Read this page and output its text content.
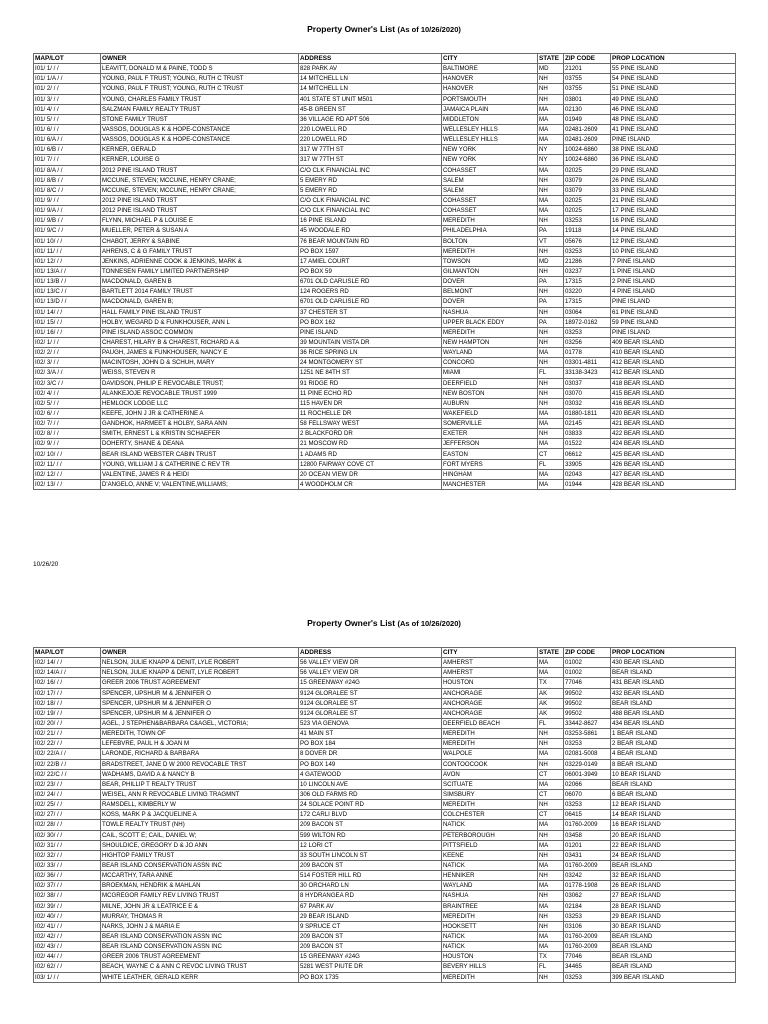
Property Owner's List (As of 10/26/2020)
MAP/LOT	OWNER	ADDRESS	CITY	STATE	ZIP CODE	PROP LOCATION
I01/ 1/ / /	LEAVITT, DONALD M & PAINE, TODD S	828 PARK AV	BALTIMORE	MD	21201	55 PINE ISLAND
I01/ 1/A / /	YOUNG, PAUL F TRUST; YOUNG, RUTH C TRUST	14 MITCHELL LN	HANOVER	NH	03755	54 PINE ISLAND
I01/ 2/ / /	YOUNG, PAUL F TRUST; YOUNG, RUTH C TRUST	14 MITCHELL LN	HANOVER	NH	03755	51 PINE ISLAND
I01/ 3/ / /	YOUNG, CHARLES FAMILY TRUST	401 STATE ST UNIT M501	PORTSMOUTH	NH	03801	49 PINE ISLAND
I01/ 4/ / /	SALZMAN FAMILY REALTY TRUST	45-B GREEN ST	JAMAICA PLAIN	MA	02130	46 PINE ISLAND
I01/ 5/ / /	STONE FAMILY TRUST	36 VILLAGE RD APT 506	MIDDLETON	MA	01949	48 PINE ISLAND
I01/ 6/ / /	VASSOS, DOUGLAS K & HOPE-CONSTANCE	220 LOWELL RD	WELLESLEY HILLS	MA	02481-2609	41 PINE ISLAND
I01/ 6/A / /	VASSOS, DOUGLAS K & HOPE-CONSTANCE	220 LOWELL RD	WELLESLEY HILLS	MA	02481-2609	PINE ISLAND
I01/ 6/B / /	KERNER, GERALD	317 W 77TH ST	NEW YORK	NY	10024-6860	38 PINE ISLAND
I01/ 7/ / /	KERNER, LOUISE G	317 W 77TH ST	NEW YORK	NY	10024-6860	36 PINE ISLAND
I01/ 8/A / /	2012 PINE ISLAND TRUST	C/O CLK FINANCIAL INC	COHASSET	MA	02025	29 PINE ISLAND
I01/ 8/B / /	MCCUNE, STEVEN; MCCUNE, HENRY CRANE;	5 EMERY RD	SALEM	NH	03079	26 PINE ISLAND
I01/ 8/C / /	MCCUNE, STEVEN; MCCUNE, HENRY CRANE;	5 EMERY RD	SALEM	NH	03079	33 PINE ISLAND
I01/ 9/ / /	2012 PINE ISLAND TRUST	C/O CLK FINANCIAL INC	COHASSET	MA	02025	21 PINE ISLAND
I01/ 9/A / /	2012 PINE ISLAND TRUST	C/O CLK FINANCIAL INC	COHASSET	MA	02025	17 PINE ISLAND
I01/ 9/B / /	FLYNN, MICHAEL P & LOUISE E	16 PINE ISLAND	MEREDITH	NH	03253	16 PINE ISLAND
I01/ 9/C / /	MUELLER, PETER & SUSAN A	45 WOODALE RD	PHILADELPHIA	PA	19118	14 PINE ISLAND
I01/ 10/ / /	CHABOT, JERRY & SABINE	76 BEAR MOUNTAIN RD	BOLTON	VT	05676	12 PINE ISLAND
I01/ 11/ / /	AHRENS, C & G FAMILY TRUST	PO BOX 1597	MEREDITH	NH	03253	10 PINE ISLAND
I01/ 12/ / /	JENKINS, ADRIENNE COOK & JENKINS, MARK &	17 AMIEL COURT	TOWSON	MD	21286	7 PINE ISLAND
I01/ 13/A / /	TONNESEN FAMILY LIMITED PARTNERSHIP	PO BOX 59	GILMANTON	NH	03237	1 PINE ISLAND
I01/ 13/B / /	MACDONALD, GAREN B	6701 OLD CARLISLE RD	DOVER	PA	17315	2 PINE ISLAND
I01/ 13/C / /	BARTLETT 2014 FAMILY TRUST	124 ROGERS RD	BELMONT	NH	03220	4 PINE ISLAND
I01/ 13/D / /	MACDONALD, GAREN B;	6701 OLD CARLISLE RD	DOVER	PA	17315	PINE ISLAND
I01/ 14/ / /	HALL FAMILY PINE ISLAND TRUST	37 CHESTER ST	NASHUA	NH	03064	61 PINE ISLAND
I01/ 15/ / /	HOLBY, WEGARD D & FUNKHOUSER, ANN L	PO BOX 162	UPPER BLACK EDDY	PA	18972-0162	59 PINE ISLAND
I01/ 16/ / /	PINE ISLAND ASSOC COMMON	PINE ISLAND	MEREDITH	NH	03253	PINE ISLAND
I02/ 1/ / /	CHAREST, HILARY B & CHAREST, RICHARD A &	39 MOUNTAIN VISTA DR	NEW HAMPTON	NH	03256	409 BEAR ISLAND
I02/ 2/ / /	PAUGH, JAMES & FUNKHOUSER, NANCY E	36 RICE SPRING LN	WAYLAND	MA	01778	410 BEAR ISLAND
I02/ 3/ / /	MACINTOSH, JOHN D & SCHUH, MARY	24 MONTGOMERY ST	CONCORD	NH	03301-4811	412 BEAR ISLAND
I02/ 3/A / /	WEISS, STEVEN R	1251 NE 84TH ST	MIAMI	FL	33138-3423	412 BEAR ISLAND
I02/ 3/C / /	DAVIDSON, PHILIP E REVOCABLE TRUST;	91 RIDGE RD	DEERFIELD	NH	03037	418 BEAR ISLAND
I02/ 4/ / /	ALANKEJOJE REVOCABLE TRUST 1999	11 PINE ECHO RD	NEW BOSTON	NH	03070	415 BEAR ISLAND
I02/ 5/ / /	HEMLOCK LODGE LLC	115 HAVEN DR	AUBURN	NH	03032	416 BEAR ISLAND
I02/ 6/ / /	KEEFE, JOHN J JR & CATHERINE A	11 ROCHELLE DR	WAKEFIELD	MA	01880-1811	420 BEAR ISLAND
I02/ 7/ / /	GANDHOK, HARMEET & HOLBY, SARA ANN	58 FELLSWAY WEST	SOMERVILLE	MA	02145	421 BEAR ISLAND
I02/ 8/ / /	SMITH, ERNEST L & KRISTIN SCHAEFER	2 BLACKFORD DR	EXETER	NH	03833	422 BEAR ISLAND
I02/ 9/ / /	DOHERTY, SHANE & DEANA	21 MOSCOW RD	JEFFERSON	MA	01522	424 BEAR ISLAND
I02/ 10/ / /	BEAR ISLAND WEBSTER CABIN TRUST	1 ADAMS RD	EASTON	CT	06612	425 BEAR ISLAND
I02/ 11/ / /	YOUNG, WILLIAM J & CATHERINE C REV TR	12800 FAIRWAY COVE CT	FORT MYERS	FL	33905	426 BEAR ISLAND
I02/ 12/ / /	VALENTINE, JAMES R & HEIDI	20 OCEAN VIEW DR	HINGHAM	MA	02043	427 BEAR ISLAND
I02/ 13/ / /	D'ANGELO, ANNE V; VALENTINE,WILLIAMS;	4 WOODHOLM CR	MANCHESTER	MA	01944	428 BEAR ISLAND
10/26/20
Property Owner's List (As of 10/26/2020)
MAP/LOT	OWNER	ADDRESS	CITY	STATE	ZIP CODE	PROP LOCATION
I02/ 14/ / /	NELSON, JULIE KNAPP & DENIT, LYLE ROBERT	56 VALLEY VIEW DR	AMHERST	MA	01002	430 BEAR ISLAND
I02/ 14/A / /	NELSON, JULIE KNAPP & DENIT, LYLE ROBERT	56 VALLEY VIEW DR	AMHERST	MA	01002	BEAR ISLAND
I02/ 16/ / /	GREER 2006 TRUST AGREEMENT	15 GREENWAY #24G	HOUSTON	TX	77046	431 BEAR ISLAND
I02/ 17/ / /	SPENCER, UPSHUR M & JENNIFER O	9124 GLORALEE ST	ANCHORAGE	AK	99502	432 BEAR ISLAND
I02/ 18/ / /	SPENCER, UPSHUR M & JENNIFER O	9124 GLORALEE ST	ANCHORAGE	AK	99502	BEAR ISLAND
I02/ 19/ / /	SPENCER, UPSHUR M & JENNIFER O	9124 GLORALEE ST	ANCHORAGE	AK	99502	488 BEAR ISLAND
I02/ 20/ / /	AGEL, J STEPHEN&BARBARA C&AGEL, VICTORIA;	523 VIA GENOVA	DEERFIELD BEACH	FL	33442-8627	434 BEAR ISLAND
I02/ 21/ / /	MEREDITH, TOWN OF	41 MAIN ST	MEREDITH	NH	03253-5861	1 BEAR ISLAND
I02/ 22/ / /	LEFEBVRE, PAUL H & JOAN M	PO BOX 184	MEREDITH	NH	03253	2 BEAR ISLAND
I02/ 22/A / /	LARONDE, RICHARD & BARBARA	8 DOVER DR	WALPOLE	MA	02081-5008	4 BEAR ISLAND
I02/ 22/B / /	BRADSTREET, JANE D W 2000 REVOCABLE TRST	PO BOX 149	CONTOOCOOK	NH	03229-0149	8 BEAR ISLAND
I02/ 22/C / /	WADHAMS, DAVID A & NANCY B	4 GATEWOOD	AVON	CT	06001-3949	10 BEAR ISLAND
I02/ 23/ / /	BEAR, PHILLIP T REALTY TRUST	10 LINCOLN AVE	SCITUATE	MA	02066	BEAR ISLAND
I02/ 24/ / /	WEISEL, ANN R REVOCABLE LIVING TRAGMNT	306 OLD FARMS RD	SIMSBURY	CT	06070	6 BEAR ISLAND
I02/ 25/ / /	RAMSDELL, KIMBERLY W	24 SOLACE POINT RD	MEREDITH	NH	03253	12 BEAR ISLAND
I02/ 27/ / /	KOSS, MARK P & JACQUELINE A	172 CARLI BLVD	COLCHESTER	CT	06415	14 BEAR ISLAND
I02/ 28/ / /	TOWLE REALTY TRUST (NH)	209 BACON ST	NATICK	MA	01760-2009	16 BEAR ISLAND
I02/ 30/ / /	CAIL, SCOTT E; CAIL, DANIEL W;	599 WILTON RD	PETERBOROUGH	NH	03458	20 BEAR ISLAND
I02/ 31/ / /	SHOULDICE, GREGORY D & JO ANN	12 LORI CT	PITTSFIELD	MA	01201	22 BEAR ISLAND
I02/ 32/ / /	HIGHTOP FAMILY TRUST	33 SOUTH LINCOLN ST	KEENE	NH	03431	24 BEAR ISLAND
I02/ 33/ / /	BEAR ISLAND CONSERVATION ASSN INC	209 BACON ST	NATICK	MA	01760-2009	BEAR ISLAND
I02/ 36/ / /	MCCARTHY, TARA ANNE	514 FOSTER HILL RD	HENNIKER	NH	03242	32 BEAR ISLAND
I02/ 37/ / /	BROEKMAN, HENDRIK & MAHLAN	30 ORCHARD LN	WAYLAND	MA	01778-1908	26 BEAR ISLAND
I02/ 38/ / /	MCGREGOR FAMILY REV LIVING TRUST	8 HYDRANGEA RD	NASHUA	NH	03062	27 BEAR ISLAND
I02/ 39/ / /	MILNE, JOHN JR & LEATRICE E &	67 PARK AV	BRAINTREE	MA	02184	28 BEAR ISLAND
I02/ 40/ / /	MURRAY, THOMAS R	29 BEAR ISLAND	MEREDITH	NH	03253	29 BEAR ISLAND
I02/ 41/ / /	NARKS, JOHN J & MARIA E	9 SPRUCE CT	HOOKSETT	NH	03106	30 BEAR ISLAND
I02/ 42/ / /	BEAR ISLAND CONSERVATION ASSN INC	209 BACON ST	NATICK	MA	01760-2009	BEAR ISLAND
I02/ 43/ / /	BEAR ISLAND CONSERVATION ASSN INC	209 BACON ST	NATICK	MA	01760-2009	BEAR ISLAND
I02/ 44/ / /	GREER 2006 TRUST AGREEMENT	15 GREENWAY #24G	HOUSTON	TX	77046	BEAR ISLAND
I02/ 62/ / /	BEACH, WAYNE C & ANN C REVOC LIVING TRUST	5281 WEST PIUTE DR	BEVERY HILLS	FL	34465	BEAR ISLAND
I03/ 1/ / /	WHITE LEATHER, GERALD KERR	PO BOX 1735	MEREDITH	NH	03253	399 BEAR ISLAND
